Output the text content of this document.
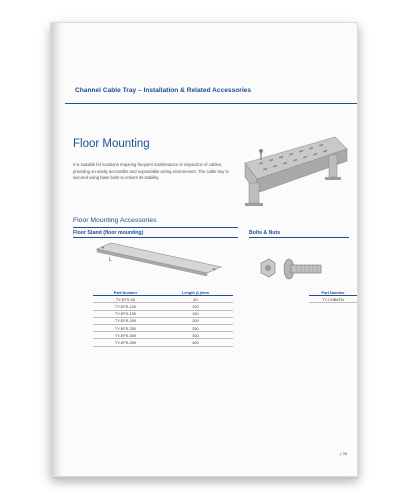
Channel Cable Tray – Installation & Related Accessories
Floor Mounting
It is suitable for locations requiring frequent maintenance or inspection of cables, providing an easily accessible and expandable wiring environment. The cable tray is secured using base bolts to ensure its stability.
Floor Mounting Accessories
Floor Stand (floor mounting)	Bolts & Nuts
L
Part Number	Length (L)/mm
TY-EFS-50	50
TY-EFS-100	100
TY-EFS-150	150
TY-EFS-200	200
TY-EFS-250	250
TY-EFS-300	300
TY-EFS-400	400
Part Number
TY-CHB&FN
| 35
